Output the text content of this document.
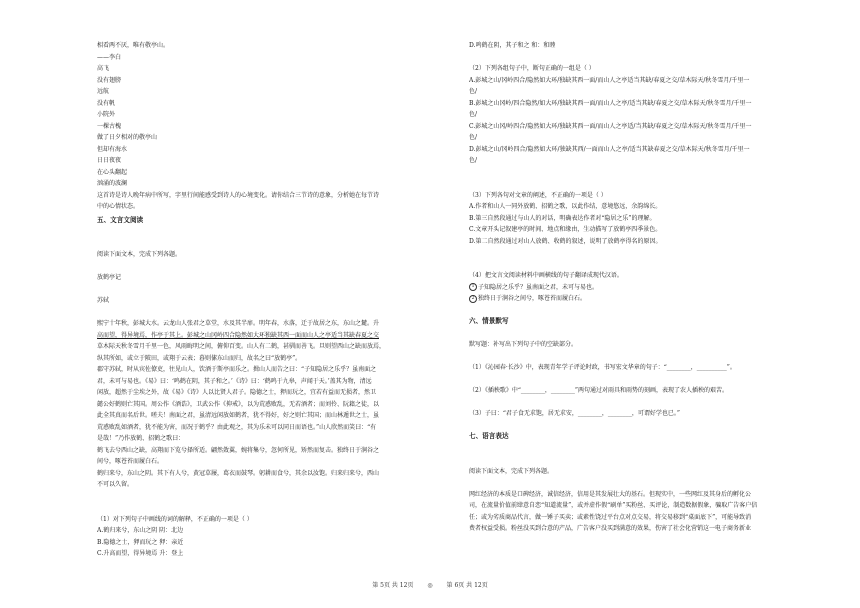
相看两不厌，唯有敬亭山。
——李白
高飞
没有翅膀
远航
没有帆
小院外
一棵古槐
做了日夕相对的敬亭山
但却有海水
日日夜夜
在心头翻起
汹涌的波澜
这首诗是诗人晚年病中所写，字里行间能感受到诗人的心境变化。请你结合三节诗的意象，分析她在每节诗
中的心情状态。
五、文言文阅读
阅读下面文本，完成下列各题。
放鹤亭记
苏轼
熙宁十年秋，彭城大水。云龙山人张君之草堂，水及其半扉。明年春，水落，迁于故居之东，东山之麓。升
高而望，得异境焉，作亭于其上。彭城之山冈岭四合隐然如大环独缺其西一面而山人之亭适当其缺春夏之交
草木际天秋冬雪月千里一色，风雨晦明之间，俯仰百变。山人有二鹤，甚驯而善飞。旦则望西山之缺而放焉，
纵其所如，或立于陂田，或翔于云表；暮则傃东山而归，故名之曰“放鹤亭”。
郡守苏轼，时从宾佐僚吏，往见山人，饮酒于斯亭而乐之。揖山人而告之曰：“子知隐居之乐乎？虽南面之
君，未可与易也。《易》曰：‘鸣鹤在阴，其子和之。’《诗》曰：‘鹤鸣于九皋，声闻于天。’盖其为物，清远
闲放，超然于尘埃之外，故《易》《诗》人以比贤人君子。隐德之士，狎而玩之，宜若有益而无损者，然卫
懿公好鹤则亡其国。周公作《酒诰》，卫武公作《抑戒》，以为荒惑败乱，无若酒者；而刘伶、阮籍之徒，以
此全其真而名后世。嗟夫！南面之君，虽清远闲放如鹤者，犹不得好，好之则亡其国；而山林遁世之士，虽
荒惑败乱如酒者，犹不能为害，而况于鹤乎？由此观之，其为乐未可以同日而语也。”山人欣然而笑曰：“有
是哉！”乃作放鹤、招鹤之歌曰：
鹤飞去兮西山之缺，高翔而下览兮择所适。翩然敛翼，婉将集兮，忽何所见，矫然而复击。独终日于涧谷之
间兮，啄苍苔而履白石。
鹤归来兮，东山之阴。其下有人兮，黄冠草屦，葛衣而鼓琴。躬耕而食兮，其余以汝饱。归来归来兮，西山
不可以久留。
（1）对下列句子中画线的词的解释，不正确的一项是（ ）
A.鹤归来兮，东山之阴 阴：北边
B.隐德之士，狎而玩之 狎：亲近
C.升高而望，得异境焉 升：登上
D.鸣鹤在阴，其子和之 和：和睦
（2）下列各组句子中，断句正确的一组是（ ）
A.彭城之山/冈岭四合/隐然如大环/独缺其西一面/而山人之亭适当其缺/春夏之交/草木际天/秋冬雪月/千里一
色/
B.彭城之山冈岭/四合隐然/如大环/独缺其西一面/而山人之亭/适当其缺/春夏之交/草木际天/秋冬雪月/千里一
色/
C.彭城之山冈/岭四合/隐然如大环/独缺其西一面/而山人之亭适/当其缺/春夏之交/草木际天/秋冬雪月/千里一
色/
D.彭城之山/冈岭四合/隐然如大环/独缺其西/一面而山人之亭/适当其缺春夏之交/草木际天/秋冬雪月/千里一
色/
（3）下列各句对文章的阐述，不正确的一项是（ ）
A.作者和山人一同外放鹤、招鹤之歌，以此作结，意境悠远，余韵绵长。
B.第三自然段通过与山人的对话，明确表达作者对“隐居之乐”的理解。
C.文章开头记叙建亭的时间、地点和缘由，生动描写了放鹤亭四季景色。
D.第二自然段通过对山人放鹤、收鹤的叙述，说明了放鹤亭得名的原因。
（4）把文言文阅读材料中画横线的句子翻译成现代汉语。
1 子知隐居之乐乎？虽南面之君，未可与易也。
2 独终日于涧谷之间兮，啄苍苔而履白石。
六、情景默写
默写题：补写出下列句子中的空缺部分。
（1）《沁园春·长沙》中，表现青年学子评论时政，书写宏文华章的句子：“________，__________”。
（2）《插秧歌》中“________，________”两句通过对雨具和雨势的刻画，表现了农人插秧的艰苦。
（3）子曰：“君子食无求饱，居无求安，________，________，可谓好学也已。”
七、语言表达
阅读下面文本，完成下列各题。
网红经济的本质是口碑经济，诚信经济，信用是其发展壮大的基石。但现实中，一些网红及其身后的孵化公
司，在流量价值前肆意自恋“知道流量”，或并虚作假“刷单”买粉丝、买评论，制造数据假象，骗取广告客户信
任；或为劣质商品代言，做一锤子买卖；或素性饶过平台点对点交易，将交易移到“桌面底下”，可能导致消
费者权益受损。粉丝没买到合意的产品，广告客户没买到满意的效果，伤害了社会化营销这一电子商务新业
第 5页 共 12页 ◎ 第 6页 共 12页
